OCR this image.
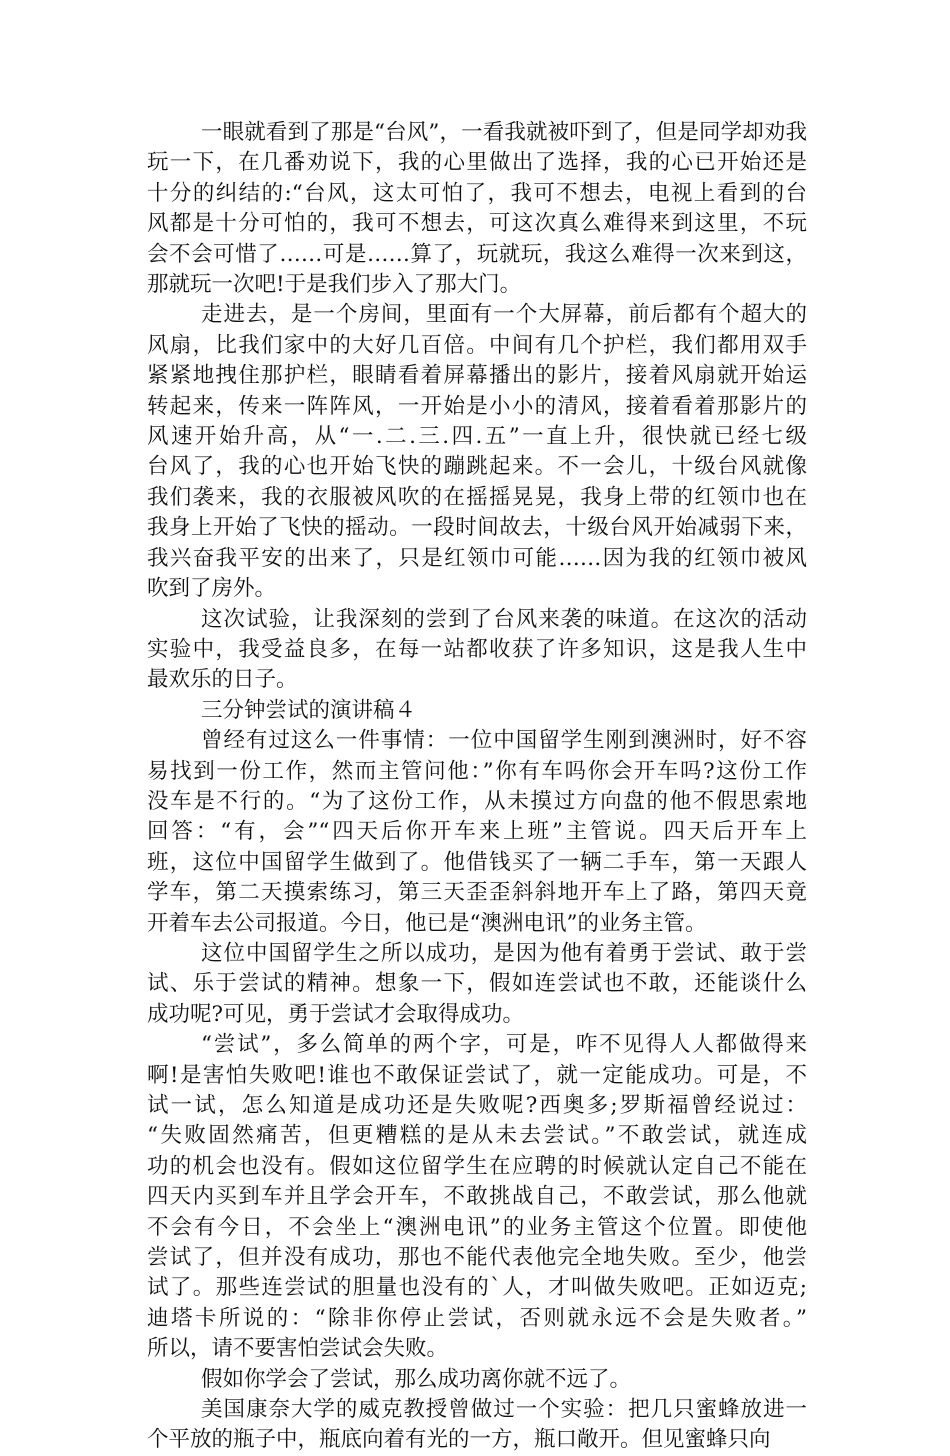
一眼就看到了那是“台风”，一看我就被吓到了，但是同学却劝我
玩一下，在几番劝说下，我的心里做出了选择，我的心已开始还是
十分的纠结的:“台风，这太可怕了，我可不想去，电视上看到的台
风都是十分可怕的，我可不想去，可这次真么难得来到这里，不玩
会不会可惜了……可是……算了，玩就玩，我这么难得一次来到这，
那就玩一次吧!于是我们步入了那大门。
走进去，是一个房间，里面有一个大屏幕，前后都有个超大的
风扇，比我们家中的大好几百倍。中间有几个护栏，我们都用双手
紧紧地拽住那护栏，眼睛看着屏幕播出的影片，接着风扇就开始运
转起来，传来一阵阵风，一开始是小小的清风，接着看着那影片的
风速开始升高，从“一.二.三.四.五”一直上升，很快就已经七级
台风了，我的心也开始飞快的蹦跳起来。不一会儿，十级台风就像
我们袭来，我的衣服被风吹的在摇摇晃晃，我身上带的红领巾也在
我身上开始了飞快的摇动。一段时间故去，十级台风开始减弱下来，
我兴奋我平安的出来了，只是红领巾可能……因为我的红领巾被风
吹到了房外。
这次试验，让我深刻的尝到了台风来袭的味道。在这次的活动
实验中，我受益良多，在每一站都收获了许多知识，这是我人生中
最欢乐的日子。
三分钟尝试的演讲稿４
曾经有过这么一件事情：一位中国留学生刚到澳洲时，好不容
易找到一份工作，然而主管问他：”你有车吗你会开车吗?这份工作
没车是不行的。“为了这份工作，从未摸过方向盘的他不假思索地
回答：“有，会”“四天后你开车来上班”主管说。四天后开车上
班，这位中国留学生做到了。他借钱买了一辆二手车，第一天跟人
学车，第二天摸索练习，第三天歪歪斜斜地开车上了路，第四天竟
开着车去公司报道。今日，他已是“澳洲电讯”的业务主管。
这位中国留学生之所以成功，是因为他有着勇于尝试、敢于尝
试、乐于尝试的精神。想象一下，假如连尝试也不敢，还能谈什么
成功呢?可见，勇于尝试才会取得成功。
“尝试”，多么简单的两个字，可是，咋不见得人人都做得来
啊!是害怕失败吧!谁也不敢保证尝试了，就一定能成功。可是，不
试一试，怎么知道是成功还是失败呢?西奥多;罗斯福曾经说过：
“失败固然痛苦，但更糟糕的是从未去尝试。”不敢尝试，就连成
功的机会也没有。假如这位留学生在应聘的时候就认定自己不能在
四天内买到车并且学会开车，不敢挑战自己，不敢尝试，那么他就
不会有今日，不会坐上“澳洲电讯”的业务主管这个位置。即使他
尝试了，但并没有成功，那也不能代表他完全地失败。至少，他尝
试了。那些连尝试的胆量也没有的`人，才叫做失败吧。正如迈克;
迪塔卡所说的：“除非你停止尝试，否则就永远不会是失败者。”
所以，请不要害怕尝试会失败。
假如你学会了尝试，那么成功离你就不远了。
美国康奈大学的威克教授曾做过一个实验：把几只蜜蜂放进一
个平放的瓶子中，瓶底向着有光的一方，瓶口敞开。但见蜜蜂只向
